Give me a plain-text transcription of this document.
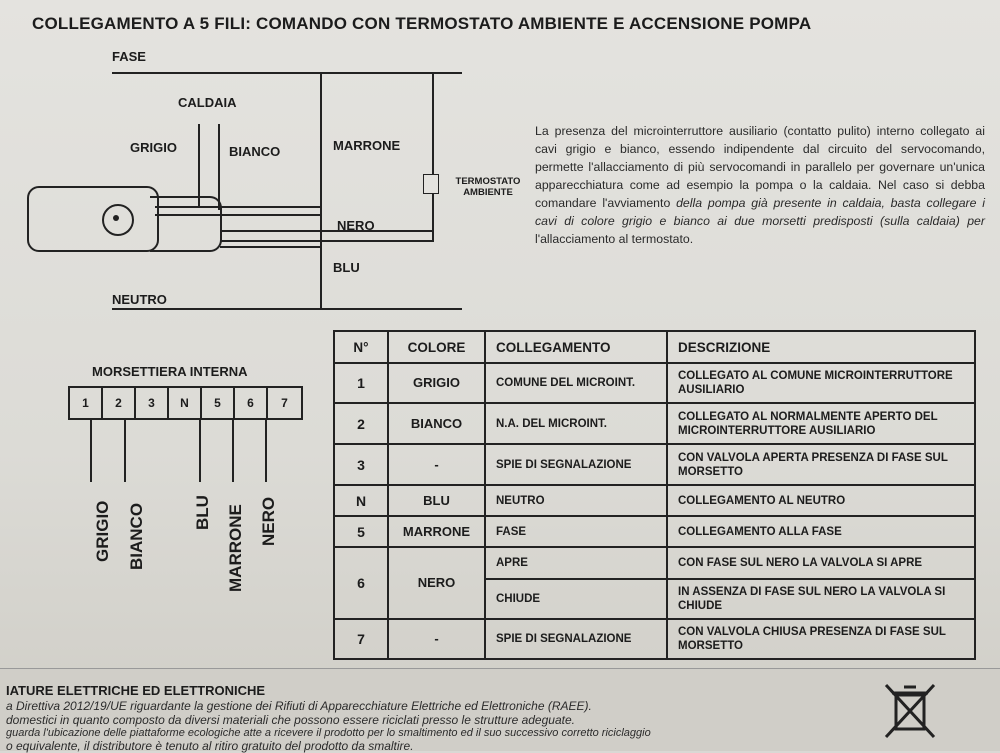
COLLEGAMENTO A 5 FILI: COMANDO CON TERMOSTATO AMBIENTE E ACCENSIONE POMPA
FASE
CALDAIA
GRIGIO	BIANCO	MARRONE
TERMOSTATO AMBIENTE
NERO
BLU
NEUTRO
La presenza del microinterruttore ausiliario (contatto pulito) interno collegato ai cavi grigio e bianco, essendo indipendente dal circuito del servocomando, permette l'allacciamento di più servocomandi in parallelo per governare un'unica apparecchiatura come ad esempio la pompa o la caldaia. Nel caso si debba comandare l'avviamento della pompa già presente in caldaia, basta collegare i cavi di colore grigio e bianco ai due morsetti predisposti (sulla caldaia) per l'allacciamento al termostato.
MORSETTIERA INTERNA
1	2	3	N	5	6	7
GRIGIO BIANCO	BLU MARRONE NERO
N°	COLORE	COLLEGAMENTO	DESCRIZIONE
1	GRIGIO	COMUNE DEL MICROINT.	COLLEGATO AL COMUNE MICROINTERRUTTORE AUSILIARIO
2	BIANCO	N.A. DEL MICROINT.	COLLEGATO AL NORMALMENTE APERTO DEL MICROINTERRUTTORE AUSILIARIO
3	-	SPIE DI SEGNALAZIONE	CON VALVOLA APERTA PRESENZA DI FASE SUL MORSETTO
N	BLU	NEUTRO	COLLEGAMENTO AL NEUTRO
5	MARRONE	FASE	COLLEGAMENTO ALLA FASE
6	NERO	APRE	CON FASE SUL NERO LA VALVOLA SI APRE
		CHIUDE	IN ASSENZA DI FASE SUL NERO LA VALVOLA SI CHIUDE
7	-	SPIE DI SEGNALAZIONE	CON VALVOLA CHIUSA PRESENZA DI FASE SUL MORSETTO
IATURE ELETTRICHE ED ELETTRONICHE
a Direttiva 2012/19/UE riguardante la gestione dei Rifiuti di Apparecchiature Elettriche ed Elettroniche (RAEE).
domestici in quanto composto da diversi materiali che possono essere riciclati presso le strutture adeguate.
guarda l'ubicazione delle piattaforme ecologiche atte a ricevere il prodotto per lo smaltimento ed il suo successivo corretto riciclaggio
o equivalente, il distributore è tenuto al ritiro gratuito del prodotto da smaltire.
